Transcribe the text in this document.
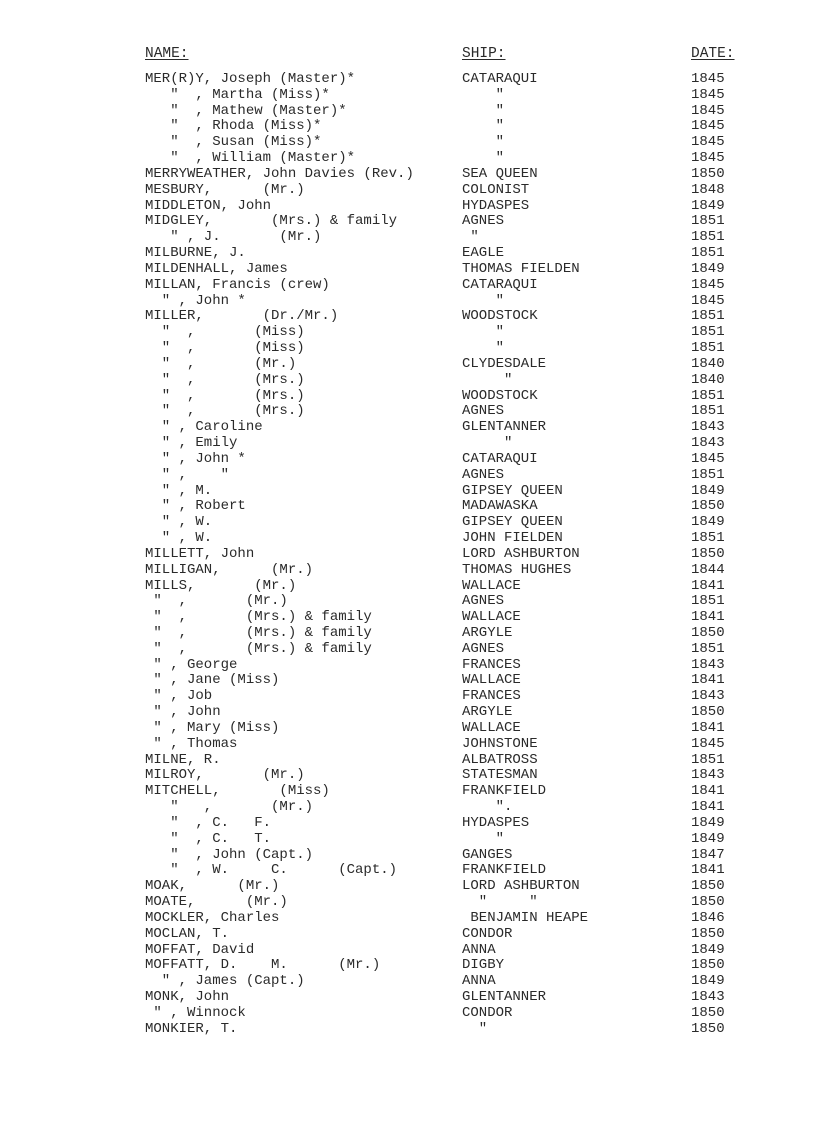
NAME:	SHIP:	DATE:
MER(R)Y, Joseph (Master)*	CATARAQUI	1845
"  , Martha (Miss)*	"	1845
"  , Mathew (Master)*	"	1845
"  , Rhoda (Miss)*	"	1845
"  , Susan (Miss)*	"	1845
"  , William (Master)*	"	1845
MERRYWEATHER, John Davies (Rev.)	SEA QUEEN	1850
MESBURY,      (Mr.)	COLONIST	1848
MIDDLETON, John	HYDASPES	1849
MIDGLEY,       (Mrs.) & family	AGNES	1851
" , J.       (Mr.)	"	1851
MILBURNE, J.	EAGLE	1851
MILDENHALL, James	THOMAS FIELDEN	1849
MILLAN, Francis (crew)	CATARAQUI	1845
" , John *	"	1845
MILLER,       (Dr./Mr.)	WOODSTOCK	1851
"  ,       (Miss)	"	1851
"  ,       (Miss)	"	1851
"  ,       (Mr.)	CLYDESDALE	1840
"  ,       (Mrs.)	"	1840
"  ,       (Mrs.)	WOODSTOCK	1851
"  ,       (Mrs.)	AGNES	1851
" , Caroline	GLENTANNER	1843
" , Emily	"	1843
" , John *	CATARAQUI	1845
" ,    "	AGNES	1851
" , M.	GIPSEY QUEEN	1849
" , Robert	MADAWASKA	1850
" , W.	GIPSEY QUEEN	1849
" , W.	JOHN FIELDEN	1851
MILLETT, John	LORD ASHBURTON	1850
MILLIGAN,      (Mr.)	THOMAS HUGHES	1844
MILLS,       (Mr.)	WALLACE	1841
"  ,       (Mr.)	AGNES	1851
"  ,       (Mrs.) & family	WALLACE	1841
"  ,       (Mrs.) & family	ARGYLE	1850
"  ,       (Mrs.) & family	AGNES	1851
" , George	FRANCES	1843
" , Jane (Miss)	WALLACE	1841
" , Job	FRANCES	1843
" , John	ARGYLE	1850
" , Mary (Miss)	WALLACE	1841
" , Thomas	JOHNSTONE	1845
MILNE, R.	ALBATROSS	1851
MILROY,       (Mr.)	STATESMAN	1843
MITCHELL,       (Miss)	FRANKFIELD	1841
"   ,       (Mr.)	".	1841
"  , C.   F.	HYDASPES	1849
"  , C.   T.	"	1849
"  , John (Capt.)	GANGES	1847
"  , W.     C.      (Capt.)	FRANKFIELD	1841
MOAK,      (Mr.)	LORD ASHBURTON	1850
MOATE,      (Mr.)	"     "	1850
MOCKLER, Charles	BENJAMIN HEAPE	1846
MOCLAN, T.	CONDOR	1850
MOFFAT, David	ANNA	1849
MOFFATT, D.    M.      (Mr.)	DIGBY	1850
" , James (Capt.)	ANNA	1849
MONK, John	GLENTANNER	1843
" , Winnock	CONDOR	1850
MONKIER, T.	"	1850
